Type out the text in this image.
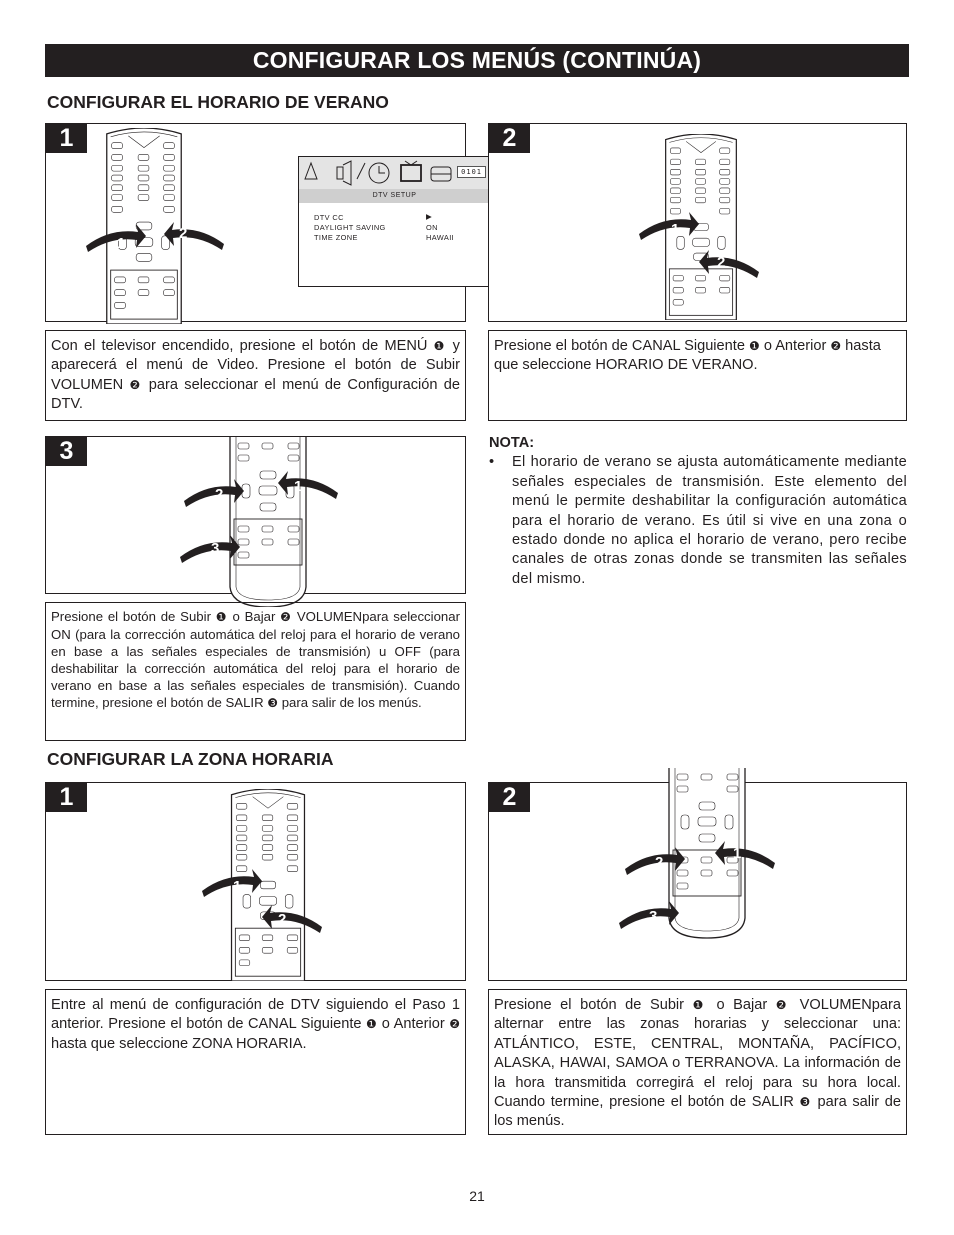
CONFIGURAR LOS MENÚS (CONTINÚA)
CONFIGURAR EL HORARIO DE VERANO
1
2
0101
DTV SETUP
DTV CC
DAYLIGHT SAVING
TIME ZONE
▶
ON
HAWAII
1
1
2
2
Con el televisor encendido, presione el botón de MENÚ ❶ y aparecerá el menú de Video. Presione el botón de Subir VOLUMEN ❷ para seleccionar el menú de Configuración de DTV.
Presione el botón de CANAL Siguiente ❶ o Anterior ❷ hasta que seleccione HORARIO DE VERANO.
1
2
3
3	NOTA:
• El horario de verano se ajusta automáticamente mediante señales especiales de transmisión. Este elemento del menú le permite deshabilitar la configuración automática para el horario de verano. Es útil si vive en una zona o estado donde no aplica el horario de verano, pero recibe canales de otras zonas donde se transmiten las señales del mismo.
Presione el botón de Subir ❶ o Bajar ❷ VOLUMENpara seleccionar ON (para la corrección automática del reloj para el horario de verano en base a las señales especiales de transmisión) u OFF (para deshabilitar la corrección automática del reloj para el horario de verano en base a las señales especiales de transmisión). Cuando termine, presione el botón de SALIR ❸ para salir de los menús.
CONFIGURAR LA ZONA HORARIA
1
2
1
1
2
3
2
Entre al menú de configuración de DTV siguiendo el Paso 1 anterior. Presione el botón de CANAL Siguiente ❶ o Anterior ❷ hasta que seleccione ZONA HORARIA.
Presione el botón de Subir ❶ o Bajar ❷ VOLUMENpara alternar entre las zonas horarias y seleccionar una: ATLÁNTICO, ESTE, CENTRAL, MONTAÑA, PACÍFICO, ALASKA, HAWAI, SAMOA o TERRANOVA. La información de la hora transmitida corregirá el reloj para su hora local. Cuando termine, presione el botón de SALIR ❸ para salir de los menús.
21
